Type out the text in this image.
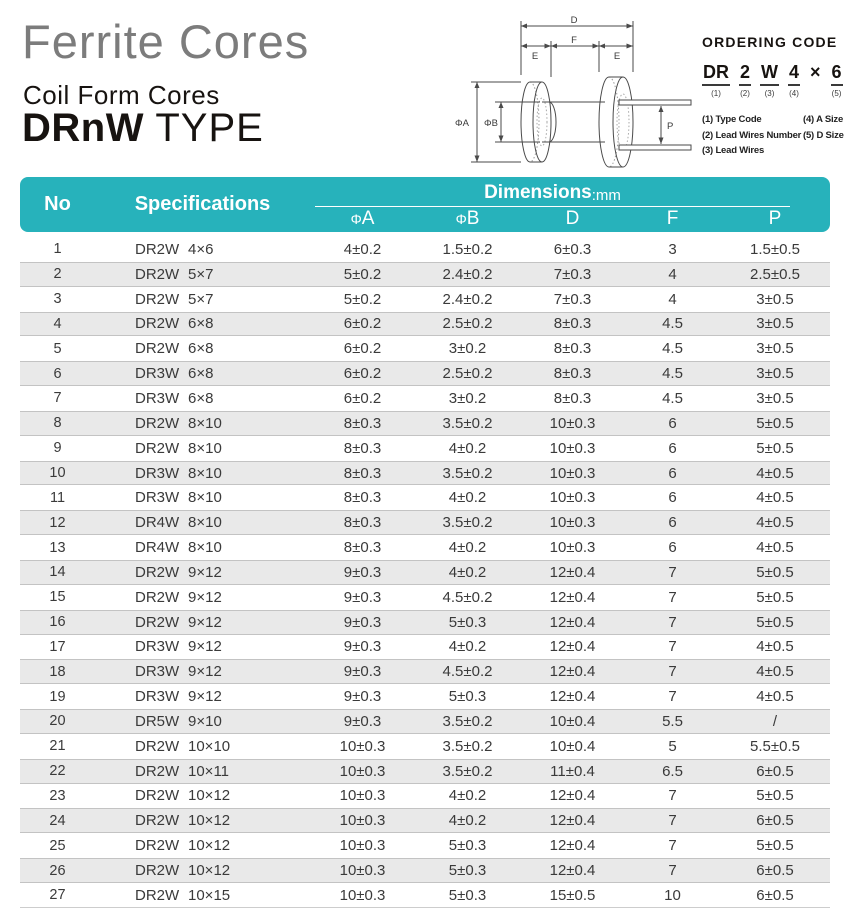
Ferrite Cores
Coil Form Cores
DRnW TYPE
D
F
E	E
ΦA ΦB	P
ORDERING CODE
DR
(1)
2
(2)
W
(3)
4
(4)
× 6
(5)
(1) Type Code
(2) Lead Wires Number
(3) Lead Wires
(4) A Size
(5) D Size
No	Specifications
Dimensions :mm
ΦA	ΦB	D	F	P
1	DR2W 4×6	4±0.2	1.5±0.2	6±0.3	3	1.5±0.5
2	DR2W 5×7	5±0.2	2.4±0.2	7±0.3	4	2.5±0.5
3	DR2W 5×7	5±0.2	2.4±0.2	7±0.3	4	3±0.5
4	DR2W 6×8	6±0.2	2.5±0.2	8±0.3	4.5	3±0.5
5	DR2W 6×8	6±0.2	3±0.2	8±0.3	4.5	3±0.5
6	DR3W 6×8	6±0.2	2.5±0.2	8±0.3	4.5	3±0.5
7	DR3W 6×8	6±0.2	3±0.2	8±0.3	4.5	3±0.5
8	DR2W 8×10	8±0.3	3.5±0.2	10±0.3	6	5±0.5
9	DR2W 8×10	8±0.3	4±0.2	10±0.3	6	5±0.5
10	DR3W 8×10	8±0.3	3.5±0.2	10±0.3	6	4±0.5
11	DR3W 8×10	8±0.3	4±0.2	10±0.3	6	4±0.5
12	DR4W 8×10	8±0.3	3.5±0.2	10±0.3	6	4±0.5
13	DR4W 8×10	8±0.3	4±0.2	10±0.3	6	4±0.5
14	DR2W 9×12	9±0.3	4±0.2	12±0.4	7	5±0.5
15	DR2W 9×12	9±0.3	4.5±0.2	12±0.4	7	5±0.5
16	DR2W 9×12	9±0.3	5±0.3	12±0.4	7	5±0.5
17	DR3W 9×12	9±0.3	4±0.2	12±0.4	7	4±0.5
18	DR3W 9×12	9±0.3	4.5±0.2	12±0.4	7	4±0.5
19	DR3W 9×12	9±0.3	5±0.3	12±0.4	7	4±0.5
20	DR5W 9×10	9±0.3	3.5±0.2	10±0.4	5.5	/
21	DR2W 10×10	10±0.3	3.5±0.2	10±0.4	5	5.5±0.5
22	DR2W 10×11	10±0.3	3.5±0.2	11±0.4	6.5	6±0.5
23	DR2W 10×12	10±0.3	4±0.2	12±0.4	7	5±0.5
24	DR2W 10×12	10±0.3	4±0.2	12±0.4	7	6±0.5
25	DR2W 10×12	10±0.3	5±0.3	12±0.4	7	5±0.5
26	DR2W 10×12	10±0.3	5±0.3	12±0.4	7	6±0.5
27	DR2W 10×15	10±0.3	5±0.3	15±0.5	10	6±0.5
